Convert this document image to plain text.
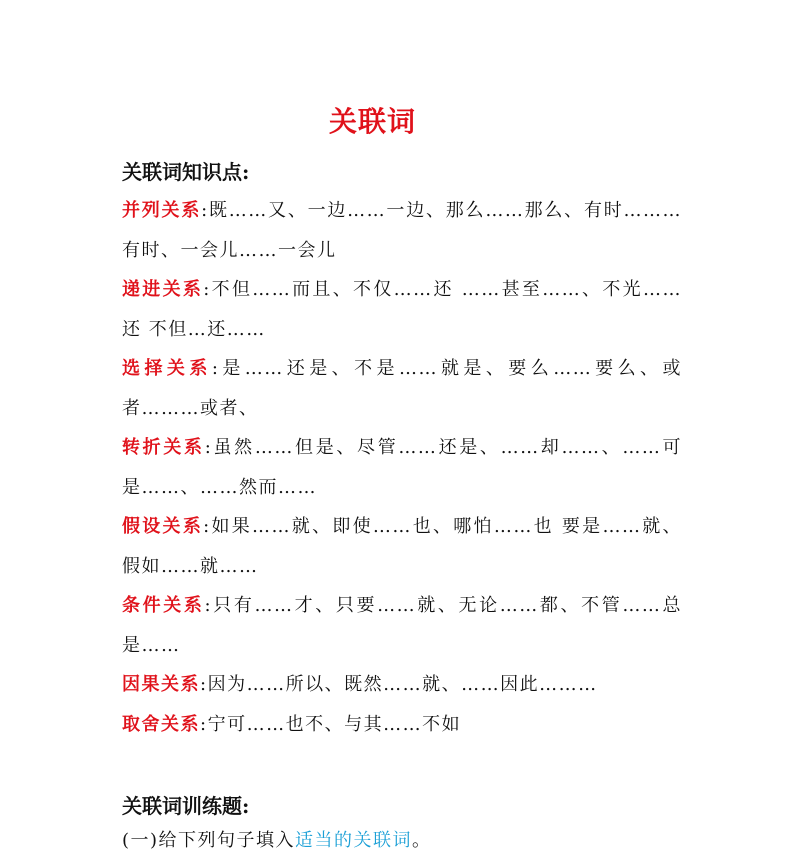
关联词
关联词知识点:
并列关系:既……又、一边……一边、那么……那么、有时………有时、一会儿……一会儿
递进关系:不但……而且、不仅……还 ……甚至……、不光……还 不但…还……
选择关系:是……还是、不是……就是、要么……要么、或者………或者、
转折关系:虽然……但是、尽管……还是、……却……、……可是……、……然而……
假设关系:如果……就、即使……也、哪怕……也 要是……就、假如……就……
条件关系:只有……才、只要……就、无论……都、不管……总是……
因果关系:因为……所以、既然……就、……因此………
取舍关系:宁可……也不、与其……不如
关联词训练题:
(一)给下列句子填入适当的关联词。
